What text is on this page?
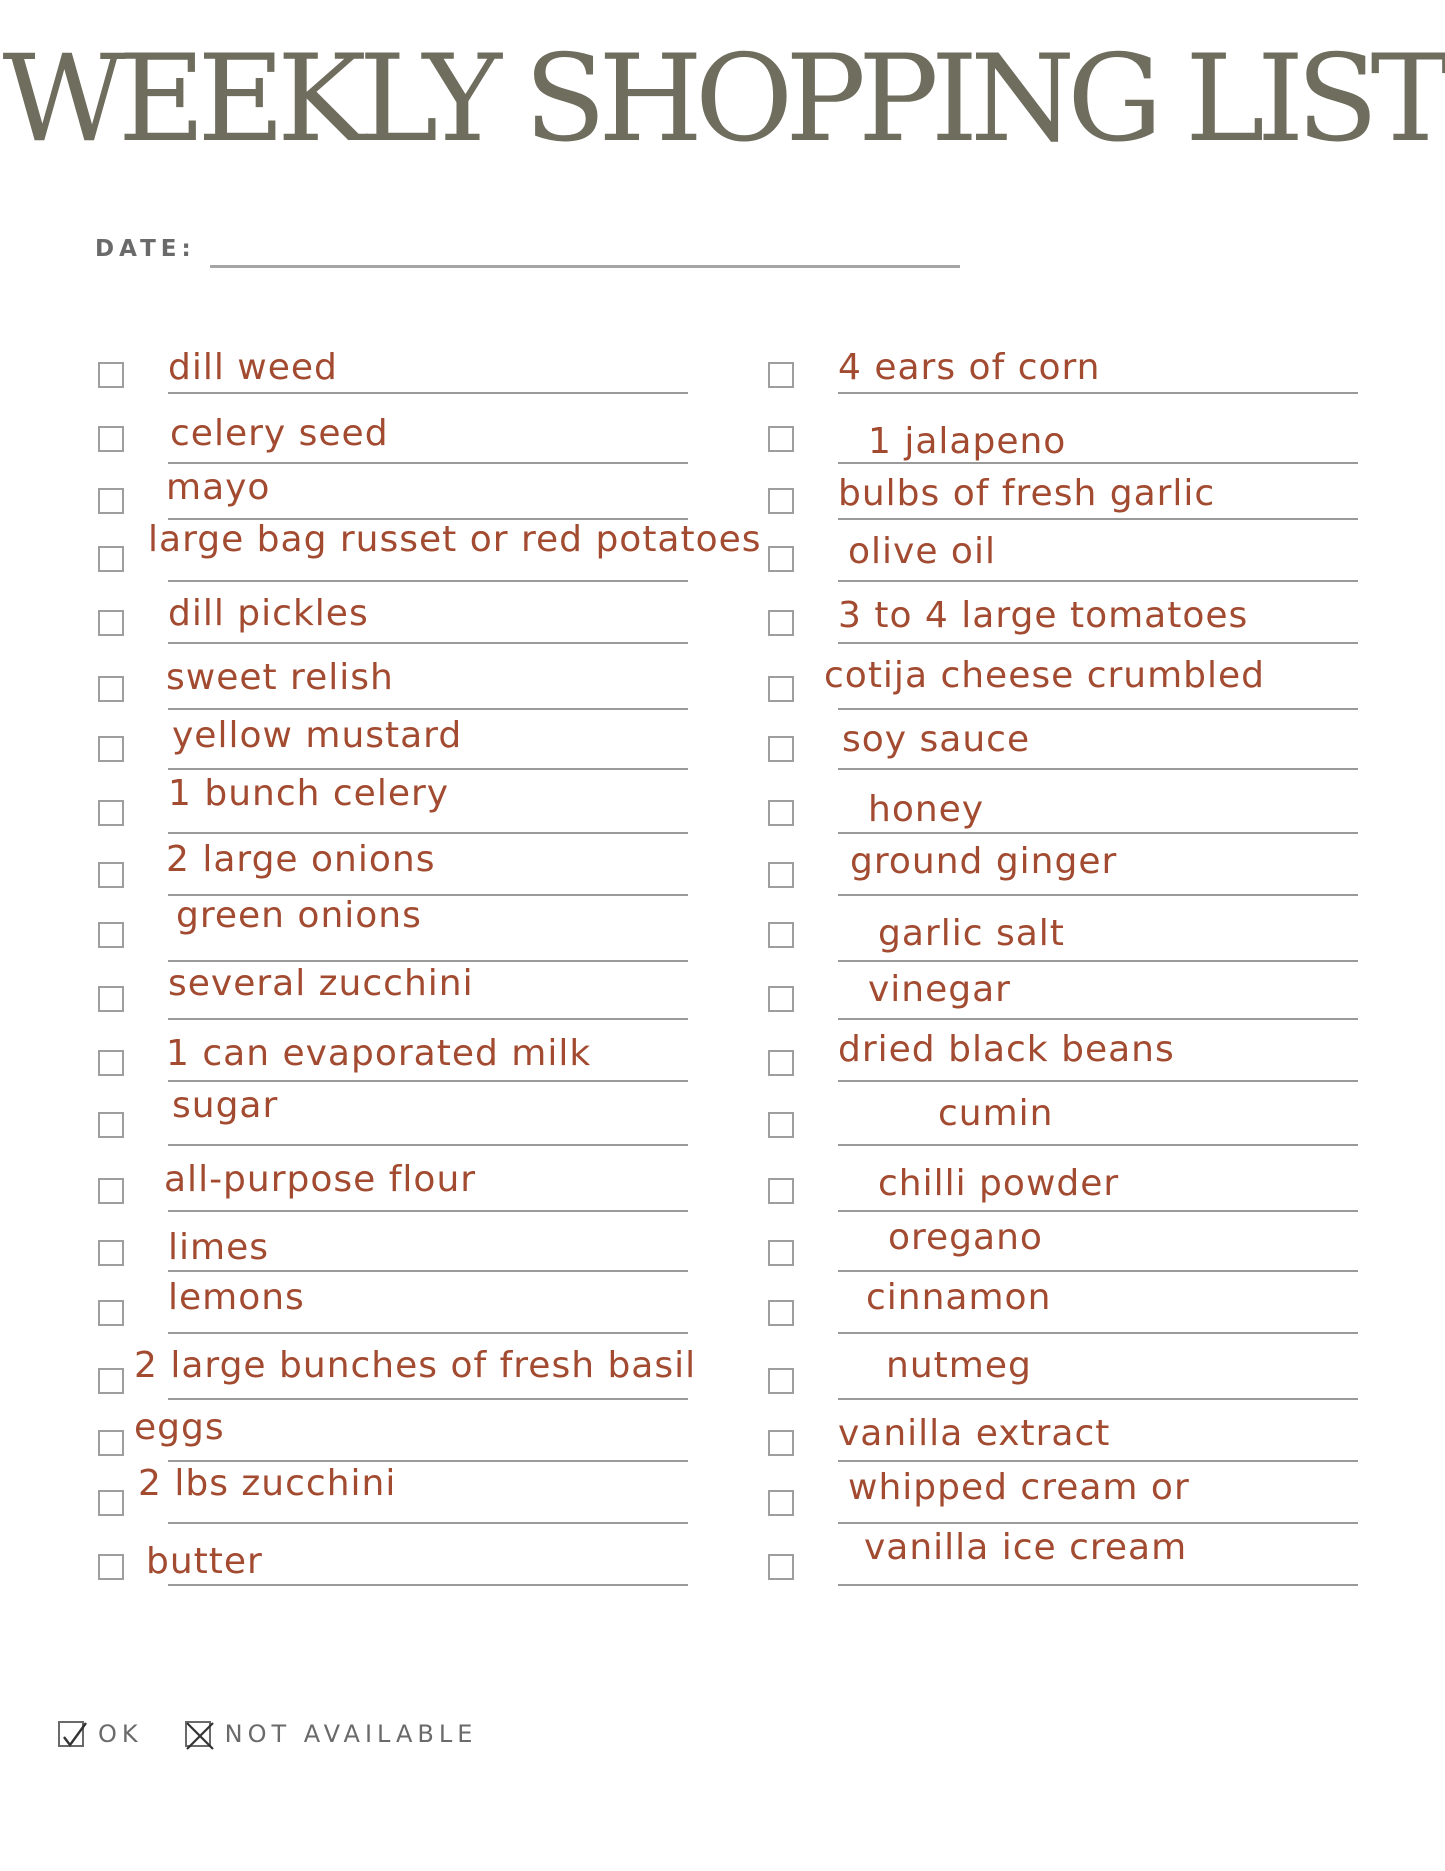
WEEKLY SHOPPING LIST
DATE:
dill weed
celery seed
mayo
large bag russet or red potatoes
dill pickles
sweet relish
yellow mustard
1 bunch celery
2 large onions
green onions
several zucchini
1 can evaporated milk
sugar
all-purpose flour
limes
lemons
2 large bunches of fresh basil
eggs
2 lbs zucchini
butter
4 ears of corn
1 jalapeno
bulbs of fresh garlic
olive oil
3 to 4 large tomatoes
cotija cheese crumbled
soy sauce
honey
ground ginger
garlic salt
vinegar
dried black beans
cumin
chilli powder
oregano
cinnamon
nutmeg
vanilla extract
whipped cream or
vanilla ice cream
OK	NOT AVAILABLE
